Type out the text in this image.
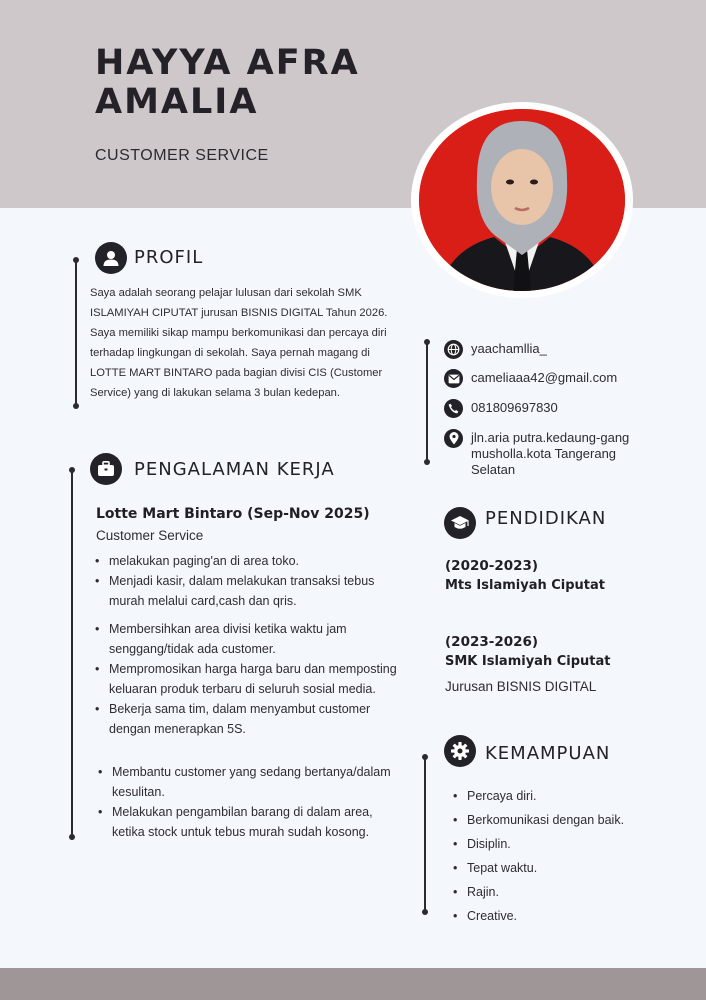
HAYYA AFRA
AMALIA
CUSTOMER SERVICE
PROFIL
Saya adalah seorang pelajar lulusan dari sekolah SMK ISLAMIYAH CIPUTAT jurusan BISNIS DIGITAL Tahun 2026. Saya memiliki sikap mampu berkomunikasi dan percaya diri terhadap lingkungan di sekolah. Saya pernah magang di LOTTE MART BINTARO pada bagian divisi CIS (Customer Service) yang di lakukan selama 3 bulan kedepan.
PENGALAMAN KERJA
Lotte Mart Bintaro (Sep-Nov 2025)
Customer Service
• melakukan paging'an di area toko.
• Menjadi kasir, dalam melakukan transaksi tebus murah melalui card,cash dan qris.
• Membersihkan area divisi ketika waktu jam senggang/tidak ada customer.
• Mempromosikan harga harga baru dan memposting keluaran produk terbaru di seluruh sosial media.
• Bekerja sama tim, dalam menyambut customer dengan menerapkan 5S.
• Membantu customer yang sedang bertanya/dalam kesulitan.
• Melakukan pengambilan barang di dalam area, ketika stock untuk tebus murah sudah kosong.
yaachamllia_
cameliaaa42@gmail.com
081809697830
jln.aria putra.kedaung-gang musholla.kota Tangerang Selatan
PENDIDIKAN
(2020-2023)
Mts Islamiyah Ciputat
(2023-2026)
SMK Islamiyah Ciputat
Jurusan BISNIS DIGITAL
KEMAMPUAN
• Percaya diri.
• Berkomunikasi dengan baik.
• Disiplin.
• Tepat waktu.
• Rajin.
• Creative.
